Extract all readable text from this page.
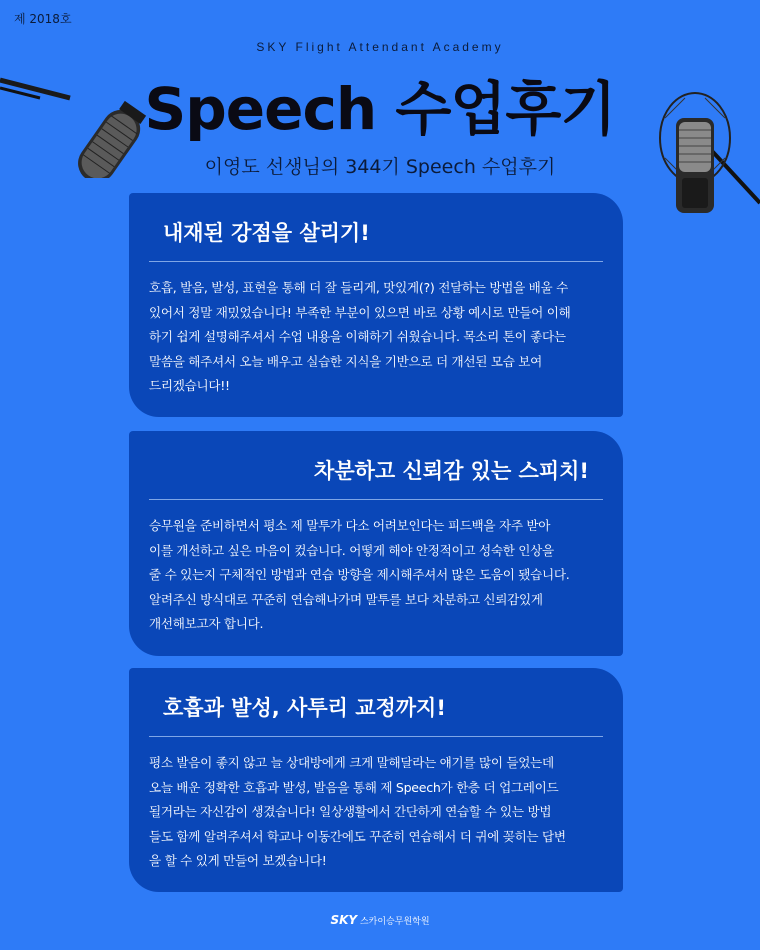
제 2018호
SKY Flight Attendant Academy
Speech 수업후기
이영도 선생님의 344기 Speech 수업후기
내재된 강점을 살리기!
호흡, 발음, 발성, 표현을 통해 더 잘 들리게, 맛있게(?) 전달하는 방법을 배울 수
있어서 정말 재밌었습니다! 부족한 부분이 있으면 바로 상황 예시로 만들어 이해
하기 쉽게 설명해주셔서 수업 내용을 이해하기 쉬웠습니다. 목소리 톤이 좋다는
말씀을 해주셔서 오늘 배우고 실습한 지식을 기반으로 더 개선된 모습 보여
드리겠습니다!!
차분하고 신뢰감 있는 스피치!
승무원을 준비하면서 평소 제 말투가 다소 어려보인다는 피드백을 자주 받아
이를 개선하고 싶은 마음이 컸습니다. 어떻게 해야 안정적이고 성숙한 인상을
줄 수 있는지 구체적인 방법과 연습 방향을 제시해주셔서 많은 도움이 됐습니다.
알려주신 방식대로 꾸준히 연습해나가며 말투를 보다 차분하고 신뢰감있게
개선해보고자 합니다.
호흡과 발성, 사투리 교정까지!
평소 발음이 좋지 않고 늘 상대방에게 크게 말해달라는 얘기를 많이 들었는데
오늘 배운 정확한 호흡과 발성, 발음을 통해 제 Speech가 한층 더 업그레이드
될거라는 자신감이 생겼습니다! 일상생활에서 간단하게 연습할 수 있는 방법
들도 함께 알려주셔서 학교나 이동간에도 꾸준히 연습해서 더 귀에 꽂히는 답변
을 할 수 있게 만들어 보겠습니다!
SKY 스카이승무원학원
